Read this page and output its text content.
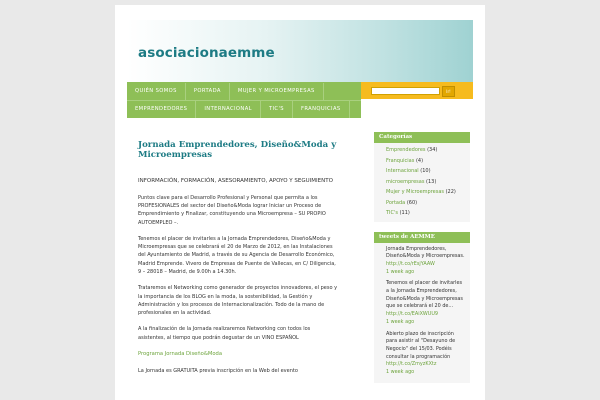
asociacionaemme
QUIÉN SOMOS	PORTADA	MUJER Y MICROEMPRESAS
EMPRENDEDORES	INTERNACIONAL	TIC'S	FRANQUICIAS
Ir!
Jornada Emprendedores, Diseño&Moda y Microempresas

INFORMACIÓN, FORMACIÓN, ASESORAMIENTO, APOYO Y SEGUIMIENTO

Puntos clave para el Desarrollo Profesional y Personal que permita a los PROFESIONALES del sector del Diseño&Moda lograr Iniciar un Proceso de Emprendimiento y Finalizar, constituyendo una Microempresa – SU PROPIO AUTOEMPLEO –.

Tenemos el placer de invitarles a la Jornada Emprendedores, Diseño&Moda y Microempresas que se celebrará el 20 de Marzo de 2012, en las Instalaciones del Ayuntamiento de Madrid, a través de su Agencia de Desarrollo Económico, Madrid Emprende. Vivero de Empresas de Puente de Vallecas, en C/ Diligencia, 9 – 28018 – Madrid, de 9.00h a 14.30h.

Trataremos el Networking como generador de proyectos innovadores, el peso y la importancia de los BLOG en la moda, la sostenibilidad, la Gestión y Administración y los procesos de Internacionalización. Todo de la mano de profesionales en la actividad.

A la finalización de la Jornada realizaremos Networking con todos los asistentes, al tiempo que podrán degustar de un VINO ESPAÑOL

Programa Jornada Diseño&Moda

La Jornada es GRATUITA previa inscripción en la Web del evento

Categorías
Emprendedores (34)
Franquicias (4)
Internacional (10)
microempresas (13)
Mujer y Microempresas (22)
Portada (60)
TIC's (11)
tweets de AEMME
Jornada Emprendedores, Diseño&Moda y Microempresas. http://t.co/rEsjYAAW
1 week ago
Tenemos el placer de invitarles a la Jornada Emprendedores, Diseño&Moda y Microempresas que se celebrará el 20 de... http://t.co/EAiXWUU9
1 week ago
Abierto plazo de inscripción para asistir al "Desayuno de Negocio" del 15/03. Podéis consultar la programación http://t.co/ZmyzKXtz
1 week ago
